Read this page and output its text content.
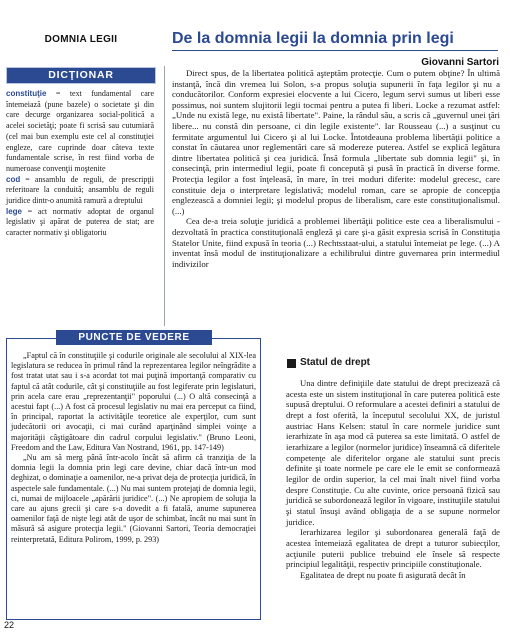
DOMNIA LEGII	De la domnia legii la domnia prin legi
Giovanni Sartori
DICŢIONAR
constituţie = text fundamental care întemeiază (pune bazele) o societate şi din care decurge organizarea social-politică a acelei societăţi; poate fi scrisă sau cutumiară (cel mai bun exemplu este cel al constituţiei engleze, care cuprinde doar câteva texte fundamentale scrise, în rest fiind vorba de numeroase convenţii moştenite
cod = ansamblu de reguli, de prescripţii referitoare la conduită; ansamblu de reguli juridice dintr-o anumită ramură a dreptului
lege = act normativ adoptat de organul legislativ şi apărat de puterea de stat; are caracter normativ şi obligatoriu

Direct spus, de la libertatea politică aşteptăm protecţie. Cum o putem obţine? În ultimă instanţă, încă din vremea lui Solon, s-a propus soluţia supunerii în faţa legilor şi nu a conducătorilor. Conform expresiei elocvente a lui Cicero, legum servi sumus ut liberi esse possimus, noi suntem slujitorii legii tocmai pentru a putea fi liberi. Locke a rezumat astfel: „Unde nu există lege, nu există libertate". Paine, la rândul său, a scris că „guvernul unei ţări libere... nu constă din persoane, ci din legile existente". Iar Rousseau (...) a susţinut cu fermitate argumentul lui Cicero şi al lui Locke. Întotdeauna problema libertăţii politice a constat în căutarea unor reglementări care să modereze puterea. Astfel se explică legătura dintre libertatea politică şi cea juridică. Însă formula „libertate sub domnia legii" şi, în consecinţă, prin intermediul legii, poate fi concepută şi pusă în practică în diverse forme. Protecţia legilor a fost înţeleasă, în mare, în trei moduri diferite: modelul grecesc, care constituie deja o interpretare legislativă; modelul roman, care se apropie de concepţia englezească a domniei legii; şi modelul propus de liberalism, care este constituţionalismul. (...)

Cea de-a treia soluţie juridică a problemei libertăţii politice este cea a liberalismului - dezvoltată în practica constituţională engleză şi care şi-a găsit expresia scrisă în Constituţia Statelor Unite, fiind expusă în teoria (...) Rechtsstaat-ului, a statului întemeiat pe lege. (...) A inventat însă modul de instituţionalizare a echilibrului dintre guvernarea prin intermediul indivizilor

PUNCTE DE VEDERE

„Faptul că în constituţiile şi codurile originale ale secolului al XIX-lea legislatura se reducea în primul rând la reprezentarea legilor neîngrădite a fost tratat utat sau i s-a acordat tot mai puţină importanţă comparativ cu faptul că atât codurile, cât şi constituţiile au fost legiferate prin legislaturi, prin acela care erau „reprezentanţii" poporului (...) O altă consecinţă a acestui fapt (...) A fost că procesul legislativ nu mai era perceput ca fiind, în principal, raportat la activităţile teoretice ale experţilor, cum sunt judecătorii ori avocaţii, ci mai curând aparţinând simplei voinţe a majorităţii câştigătoare din cadrul corpului legislativ." (Bruno Leoni, Freedom and the Law, Editura Van Nostrand, 1961, pp. 147-149)

„Nu am să merg până într-acolo încât să afirm că tranziţia de la domnia legii la domnia prin legi care devine, chiar dacă într-un mod deghizat, o dominaţie a oamenilor, ne-a privat deja de protecţia juridică, în aspectele sale fundamentale. (...) Nu mai suntem protejaţi de domnia legii, ci, numai de mijloacele „apărării juridice". (...) Ne apropiem de soluţia la care au ajuns grecii şi care s-a dovedit a fi fatală, anume supunerea oamenilor faţă de nişte legi atât de uşor de schimbat, încât nu mai sunt în măsură să asigure protecţia legii." (Giovanni Sartori, Teoria democraţiei reinterpretată, Editura Polirom, 1999, p. 293)

Statul de drept

Una dintre definiţiile date statului de drept precizează că acesta este un sistem instituţional în care puterea politică este supusă dreptului. O reformulare a acestei definiri a statului de drept a fost oferită, la începutul secolului XX, de juristul austriac Hans Kelsen: statul în care normele juridice sunt ierarhizate în aşa mod că puterea sa este limitată. O astfel de ierarhizare a legilor (normelor juridice) înseamnă că diferitele competenţe ale diferitelor organe ale statului sunt precis definite şi toate normele pe care ele le emit se conformează legilor de ordin superior, la cel mai înalt nivel fiind vorba despre Constituţie. Cu alte cuvinte, orice persoană fizică sau juridică se subordonează legilor în vigoare, instituţiile statului şi statul însuşi având obligaţia de a se supune normelor juridice.

Ierarhizarea legilor şi subordonarea generală faţă de acestea întemeiază egalitatea de drept a tuturor subiecţilor, acţiunile puterii publice trebuind ele însele să respecte principiul legalităţii, respectiv principiile constituţionale.

Egalitatea de drept nu poate fi asigurată decât în

22
